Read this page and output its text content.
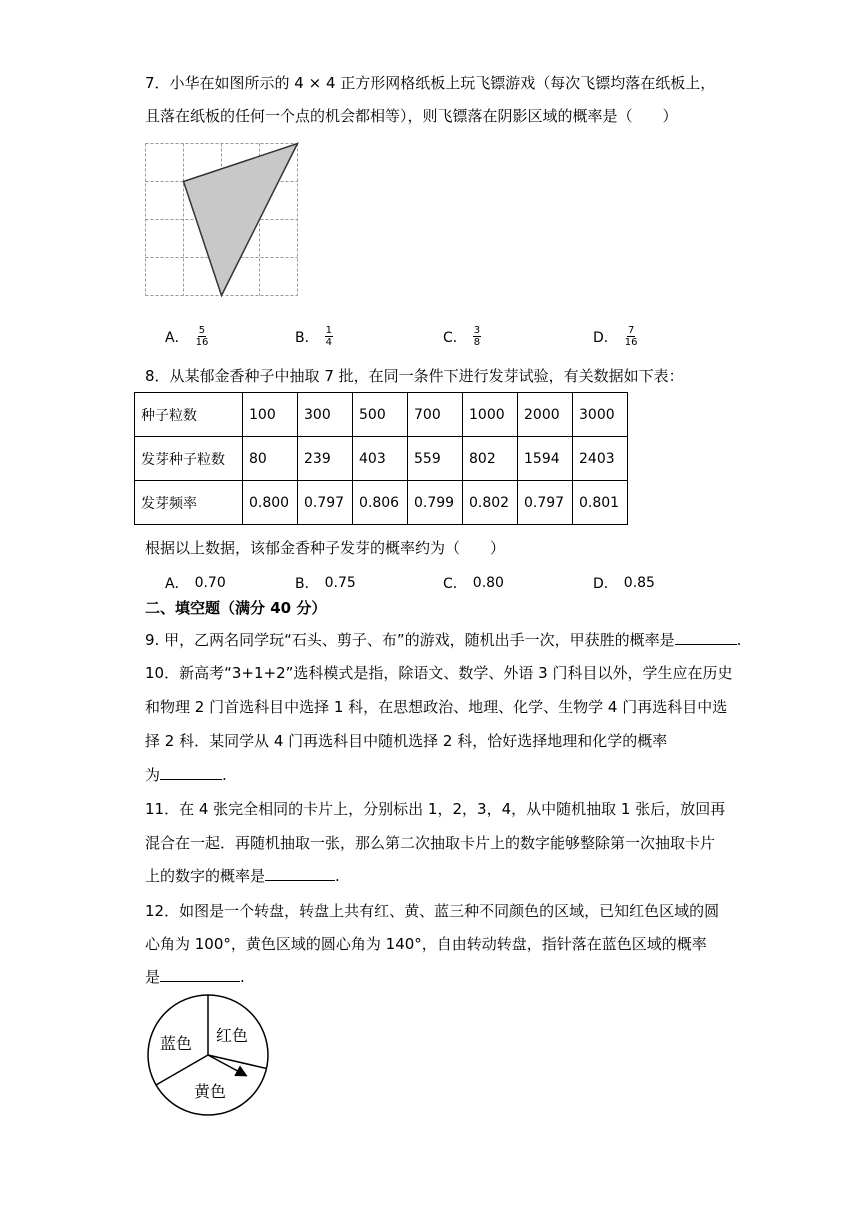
7．小华在如图所示的 4 × 4 正方形网格纸板上玩飞镖游戏（每次飞镖均落在纸板上，
且落在纸板的任何一个点的机会都相等），则飞镖落在阴影区域的概率是（　　）
A． $\frac{5}{16}$	B． $\frac{1}{4}$	C． $\frac{3}{8}$	D． $\frac{7}{16}$
8．从某郁金香种子中抽取 7 批，在同一条件下进行发芽试验，有关数据如下表：
种子粒数	100	300	500	700	1000	2000	3000
发芽种子粒数	80	239	403	559	802	1594	2403
发芽频率	0.800	0.797	0.806	0.799	0.802	0.797	0.801
根据以上数据，该郁金香种子发芽的概率约为（　　）
A． 0.70	B． 0.75	C． 0.80	D． 0.85
二、填空题（满分 40 分）
9. 甲，乙两名同学玩“石头、剪子、布”的游戏，随机出手一次，甲获胜的概率是	.
10．新高考“3+1+2”选科模式是指，除语文、数学、外语 3 门科目以外，学生应在历史
和物理 2 门首选科目中选择 1 科，在思想政治、地理、化学、生物学 4 门再选科目中选
择 2 科．某同学从 4 门再选科目中随机选择 2 科，恰好选择地理和化学的概率
为	.
11．在 4 张完全相同的卡片上，分别标出 1，2，3，4，从中随机抽取 1 张后，放回再
混合在一起．再随机抽取一张，那么第二次抽取卡片上的数字能够整除第一次抽取卡片
上的数字的概率是	.
12．如图是一个转盘，转盘上共有红、黄、蓝三种不同颜色的区域，已知红色区域的圆
心角为 100°，黄色区域的圆心角为 140°，自由转动转盘，指针落在蓝色区域的概率
是	.
蓝色 红色
黄色
